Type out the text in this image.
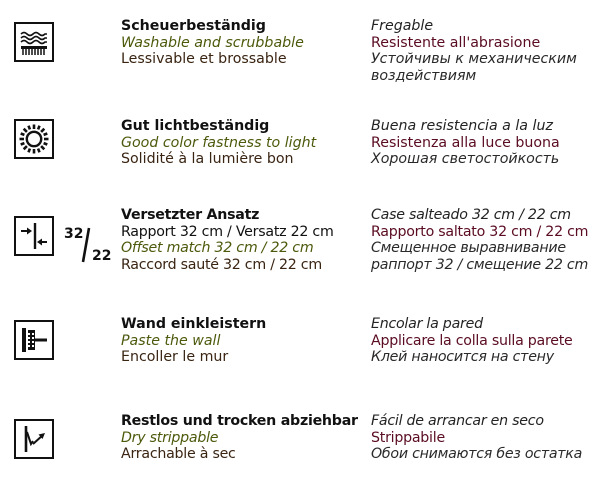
Scheuerbeständig
Washable and scrubbable
Lessivable et brossable
Fregable
Resistente all'abrasione
Устойчивы к механическим
воздействиям
Gut lichtbeständig
Good color fastness to light
Solidité à la lumière bon
Buena resistencia a la luz
Resistenza alla luce buona
Хорошая светостойкость
32
22
Versetzter Ansatz
Rapport 32 cm / Versatz 22 cm
Offset match 32 cm / 22 cm
Raccord sauté 32 cm / 22 cm
Case salteado 32 cm / 22 cm
Rapporto saltato 32 cm / 22 cm
Смещенное выравнивание
раппорт 32 / смещение 22 cm
Wand einkleistern
Paste the wall
Encoller le mur
Encolar la pared
Applicare la colla sulla parete
Клей наносится на стену
Restlos und trocken abziehbar
Dry strippable
Arrachable à sec
Fácil de arrancar en seco
Strippabile
Обои снимаются без остатка
